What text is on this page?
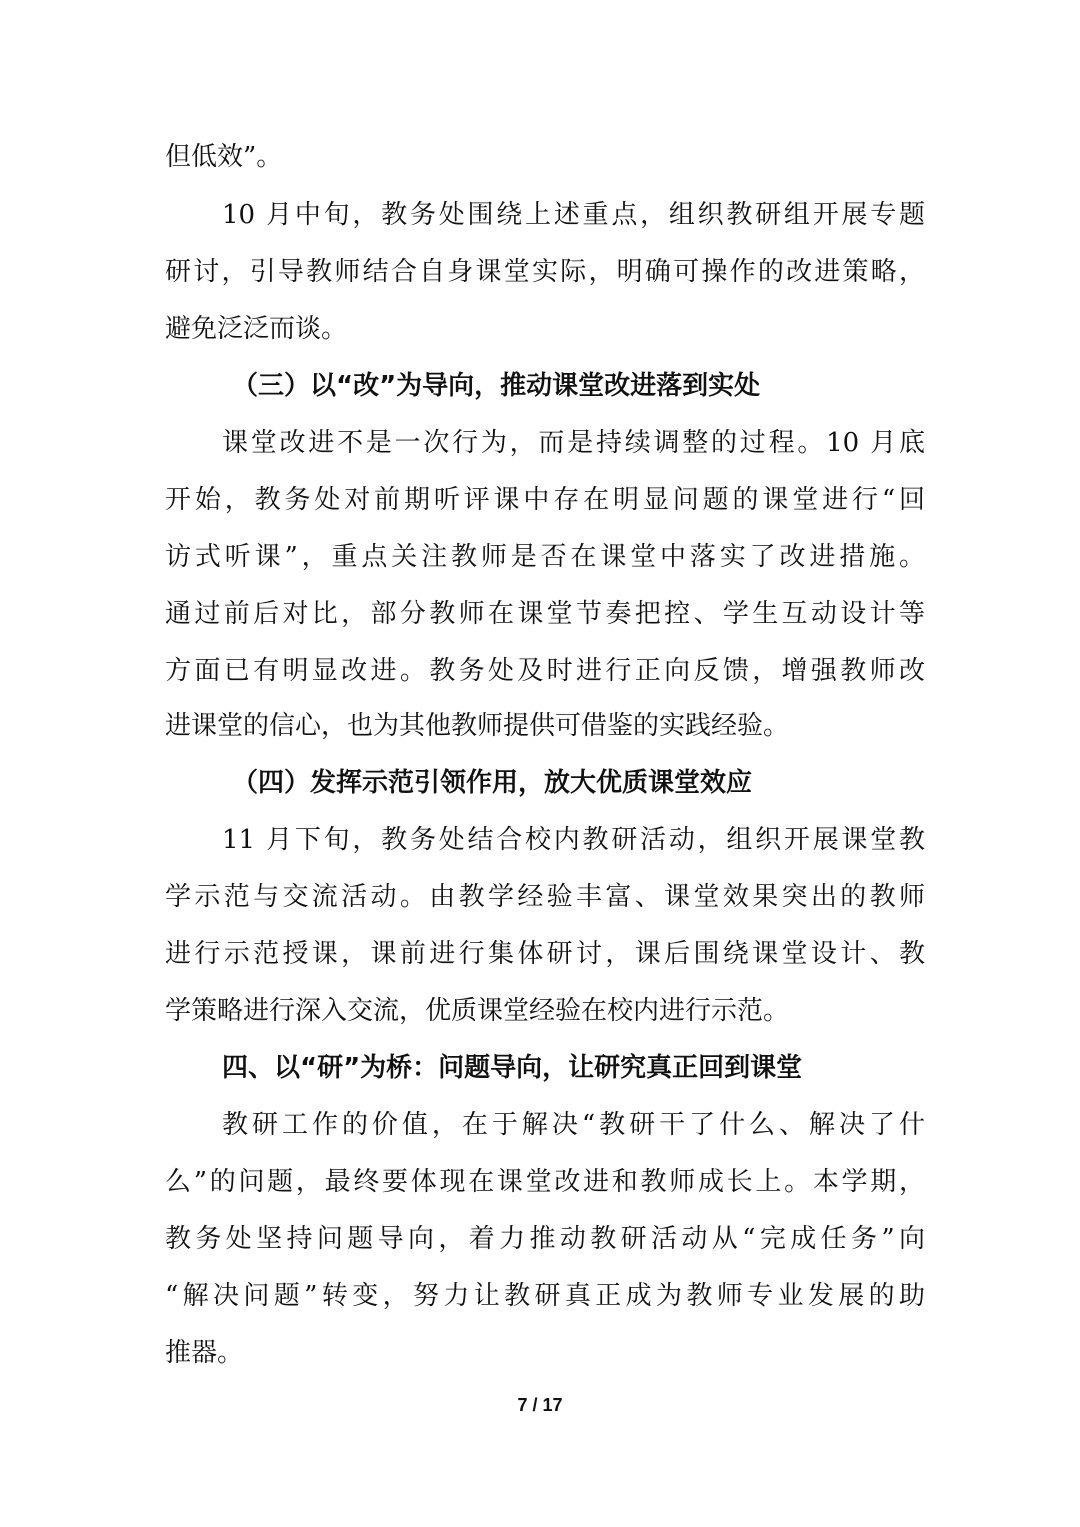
但低效”。
10 月中旬，教务处围绕上述重点，组织教研组开展专题
研讨，引导教师结合自身课堂实际，明确可操作的改进策略，
避免泛泛而谈。
（三）以“改”为导向，推动课堂改进落到实处
课堂改进不是一次行为，而是持续调整的过程。10 月底
开始，教务处对前期听评课中存在明显问题的课堂进行“回
访式听课”，重点关注教师是否在课堂中落实了改进措施。
通过前后对比，部分教师在课堂节奏把控、学生互动设计等
方面已有明显改进。教务处及时进行正向反馈，增强教师改
进课堂的信心，也为其他教师提供可借鉴的实践经验。
（四）发挥示范引领作用，放大优质课堂效应
11 月下旬，教务处结合校内教研活动，组织开展课堂教
学示范与交流活动。由教学经验丰富、课堂效果突出的教师
进行示范授课，课前进行集体研讨，课后围绕课堂设计、教
学策略进行深入交流，优质课堂经验在校内进行示范。
四、以“研”为桥：问题导向，让研究真正回到课堂
教研工作的价值，在于解决“教研干了什么、解决了什
么”的问题，最终要体现在课堂改进和教师成长上。本学期，
教务处坚持问题导向，着力推动教研活动从“完成任务”向
“解决问题”转变，努力让教研真正成为教师专业发展的助
推器。
7 / 17
